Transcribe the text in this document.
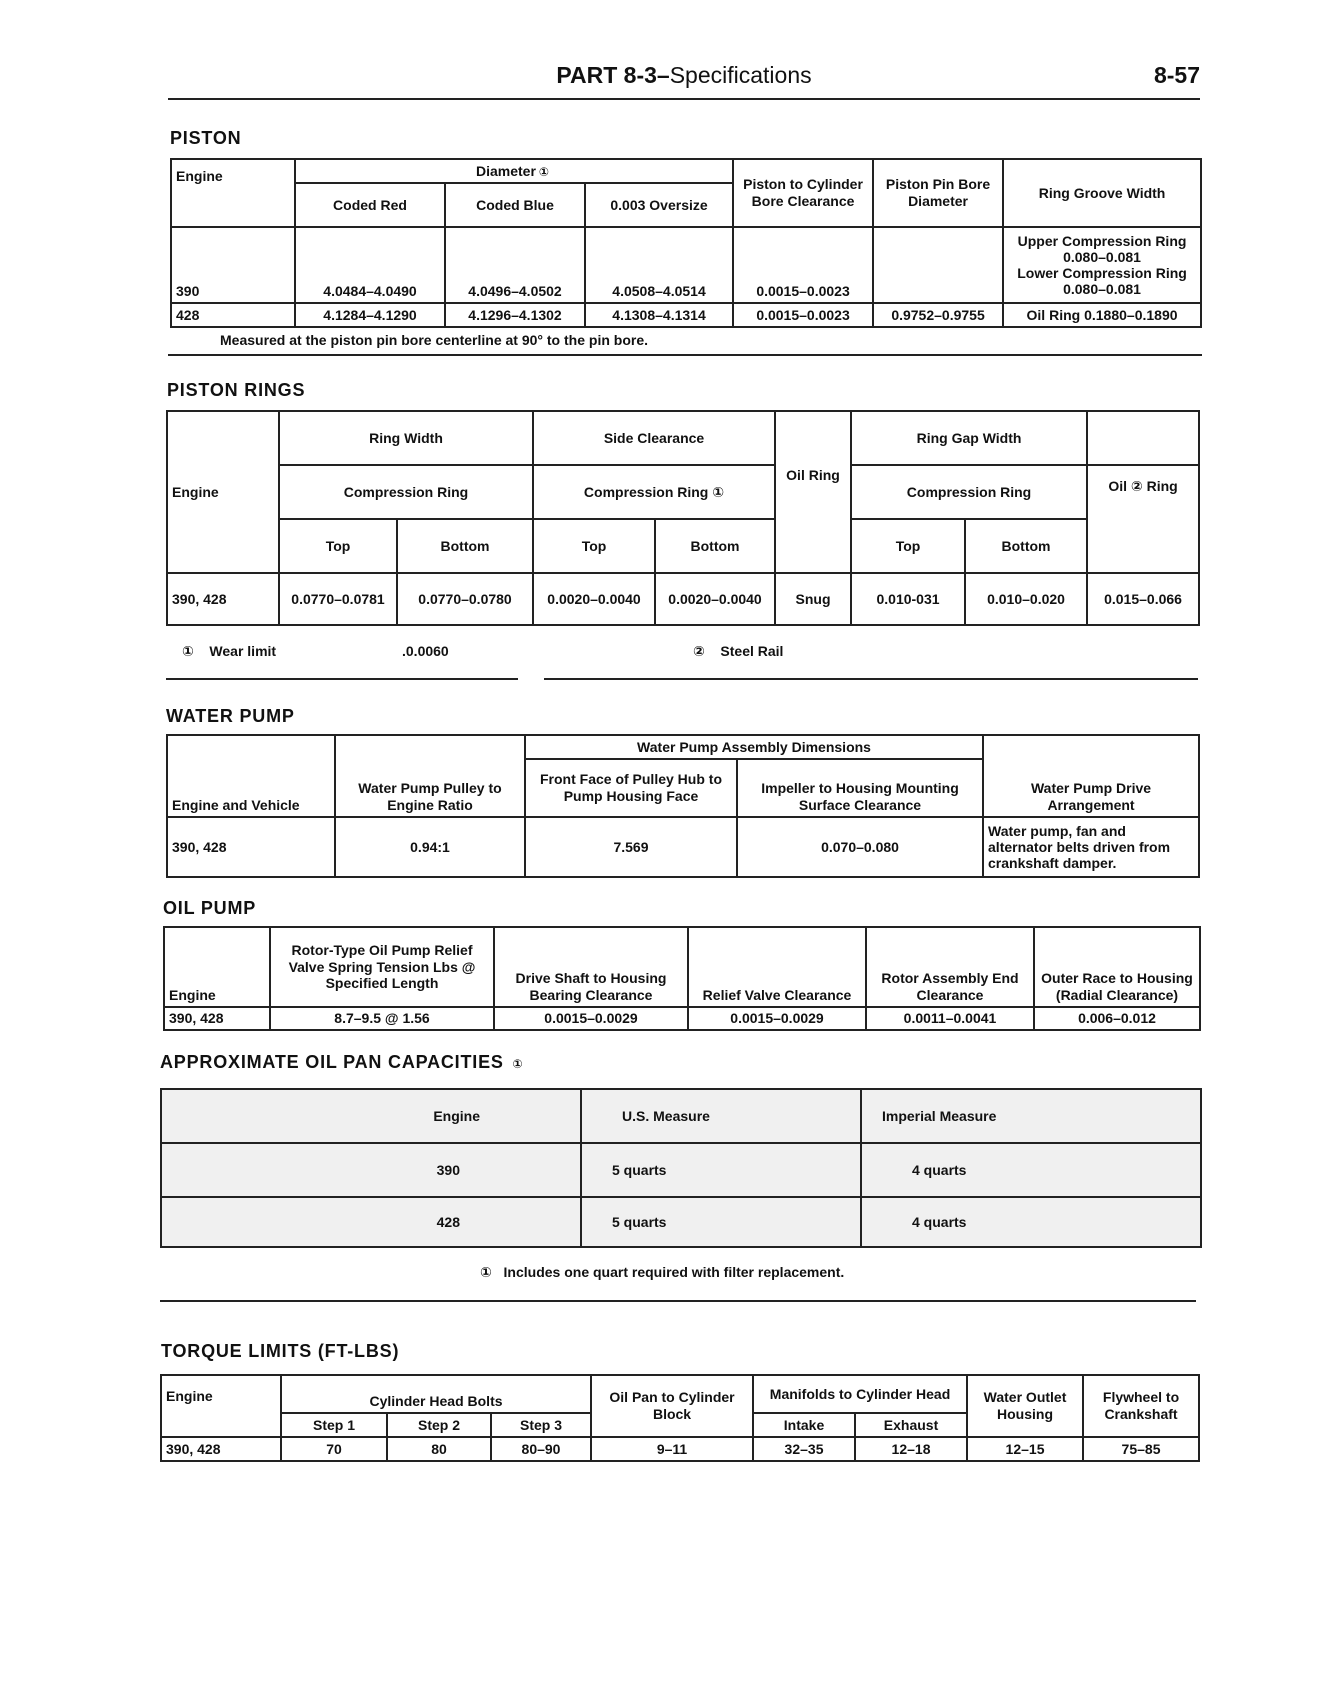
PART 8-3–Specifications	8-57
PISTON
Engine	Diameter ①			Piston to Cylinder Bore Clearance	Piston Pin Bore Diameter	Ring Groove Width
	Coded Red	Coded Blue	0.003 Oversize			
390	4.0484–4.0490	4.0496–4.0502	4.0508–4.0514	0.0015–0.0023		Upper Compression Ring
0.080–0.081
Lower Compression Ring
0.080–0.081

428	4.1284–4.1290	4.1296–4.1302	4.1308–4.1314	0.0015–0.0023	0.9752–0.9755	Oil Ring 0.1880–0.1890
Measured at the piston pin bore centerline at 90° to the pin bore.
PISTON RINGS
Engine	Ring Width		Side Clearance			Ring Gap Width		
	Compression Ring		Compression Ring ①		Oil Ring	Compression Ring		Oil ② Ring
	Top	Bottom	Top	Bottom		Top	Bottom	
390, 428	0.0770–0.0781	0.0770–0.0780	0.0020–0.0040	0.0020–0.0040	Snug	0.010-031	0.010–0.020	0.015–0.066
① Wear limit	.0.0060	② Steel Rail
WATER PUMP
Engine and Vehicle	Water Pump Pulley to Engine Ratio	Water Pump Assembly Dimensions		Water Pump Drive Arrangement
		Front Face of Pulley Hub to Pump Housing Face	Impeller to Housing Mounting Surface Clearance	
390, 428	0.94:1	7.569	0.070–0.080	Water pump, fan and alternator belts driven from crankshaft damper.
OIL PUMP
Engine	Rotor-Type Oil Pump Relief Valve Spring Tension Lbs @ Specified Length	Drive Shaft to Housing Bearing Clearance	Relief Valve Clearance	Rotor Assembly End Clearance	Outer Race to Housing (Radial Clearance)
390, 428	8.7–9.5 @ 1.56	0.0015–0.0029	0.0015–0.0029	0.0011–0.0041	0.006–0.012
APPROXIMATE OIL PAN CAPACITIES ①
Engine	U.S. Measure	Imperial Measure
390	5 quarts	4 quarts
428	5 quarts	4 quarts
① Includes one quart required with filter replacement.
TORQUE LIMITS (FT-LBS)
Engine	Cylinder Head Bolts			Oil Pan to Cylinder Block	Manifolds to Cylinder Head		Water Outlet Housing	Flywheel to Crankshaft
	Step 1	Step 2	Step 3		Intake	Exhaust		
390, 428	70	80	80–90	9–11	32–35	12–18	12–15	75–85
